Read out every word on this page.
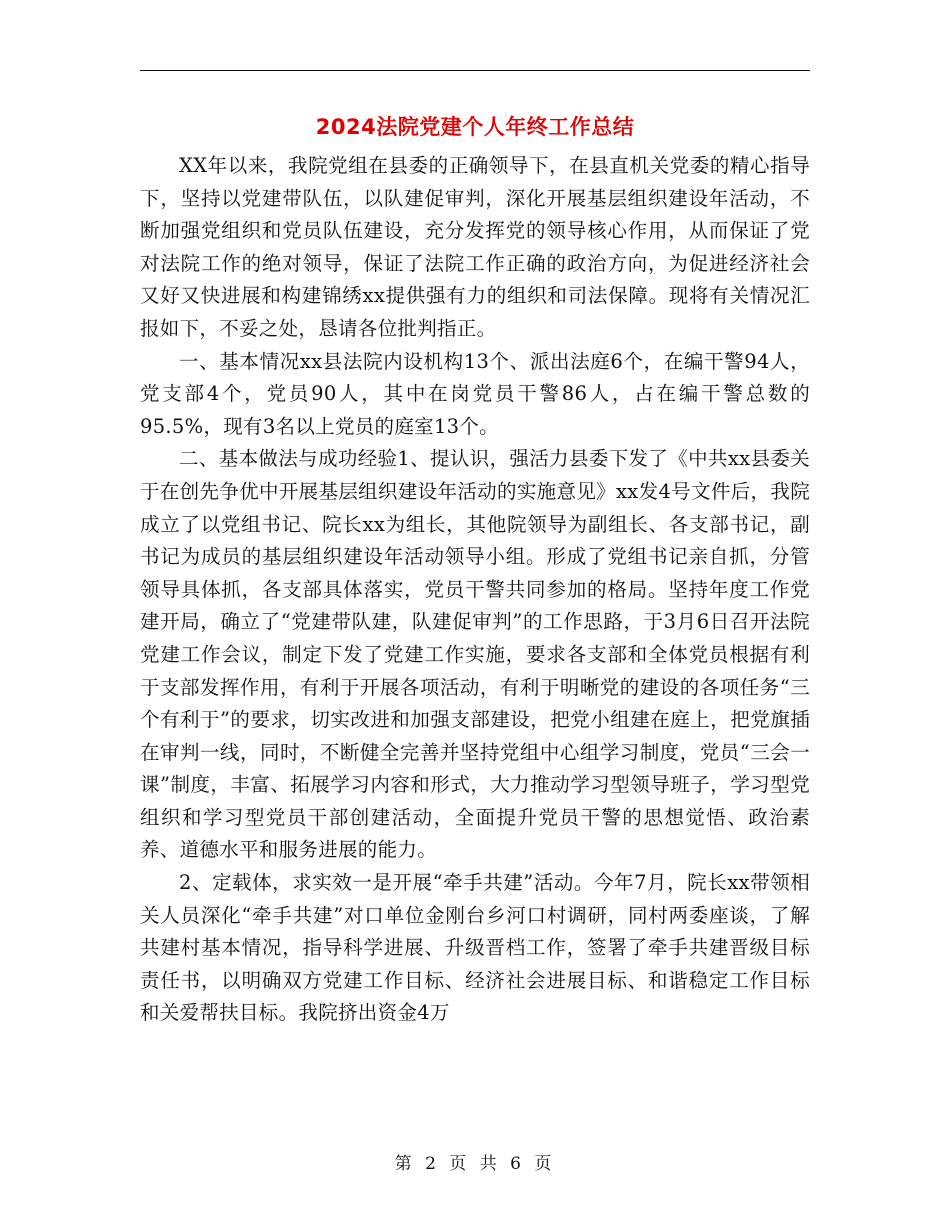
2024法院党建个人年终工作总结

XX年以来，我院党组在县委的正确领导下，在县直机关党委的精心指导下，坚持以党建带队伍，以队建促审判，深化开展基层组织建设年活动，不断加强党组织和党员队伍建设，充分发挥党的领导核心作用，从而保证了党对法院工作的绝对领导，保证了法院工作正确的政治方向，为促进经济社会又好又快进展和构建锦绣xx提供强有力的组织和司法保障。现将有关情况汇报如下，不妥之处，恳请各位批判指正。

一、基本情况xx县法院内设机构13个、派出法庭6个，在编干警94人，党支部4个，党员90人，其中在岗党员干警86人，占在编干警总数的95.5%，现有3名以上党员的庭室13个。

二、基本做法与成功经验1、提认识，强活力县委下发了《中共xx县委关于在创先争优中开展基层组织建设年活动的实施意见》xx发4号文件后，我院成立了以党组书记、院长xx为组长，其他院领导为副组长、各支部书记，副书记为成员的基层组织建设年活动领导小组。形成了党组书记亲自抓，分管领导具体抓，各支部具体落实，党员干警共同参加的格局。坚持年度工作党建开局，确立了“党建带队建，队建促审判”的工作思路，于3月6日召开法院党建工作会议，制定下发了党建工作实施，要求各支部和全体党员根据有利于支部发挥作用，有利于开展各项活动，有利于明晰党的建设的各项任务“三个有利于”的要求，切实改进和加强支部建设，把党小组建在庭上，把党旗插在审判一线，同时，不断健全完善并坚持党组中心组学习制度，党员“三会一课”制度，丰富、拓展学习内容和形式，大力推动学习型领导班子，学习型党组织和学习型党员干部创建活动，全面提升党员干警的思想觉悟、政治素养、道德水平和服务进展的能力。

2、定载体，求实效一是开展“牵手共建”活动。今年7月，院长xx带领相关人员深化“牵手共建”对口单位金刚台乡河口村调研，同村两委座谈，了解共建村基本情况，指导科学进展、升级晋档工作，签署了牵手共建晋级目标责任书，以明确双方党建工作目标、经济社会进展目标、和谐稳定工作目标和关爱帮扶目标。我院挤出资金4万

第 2 页 共 6 页
